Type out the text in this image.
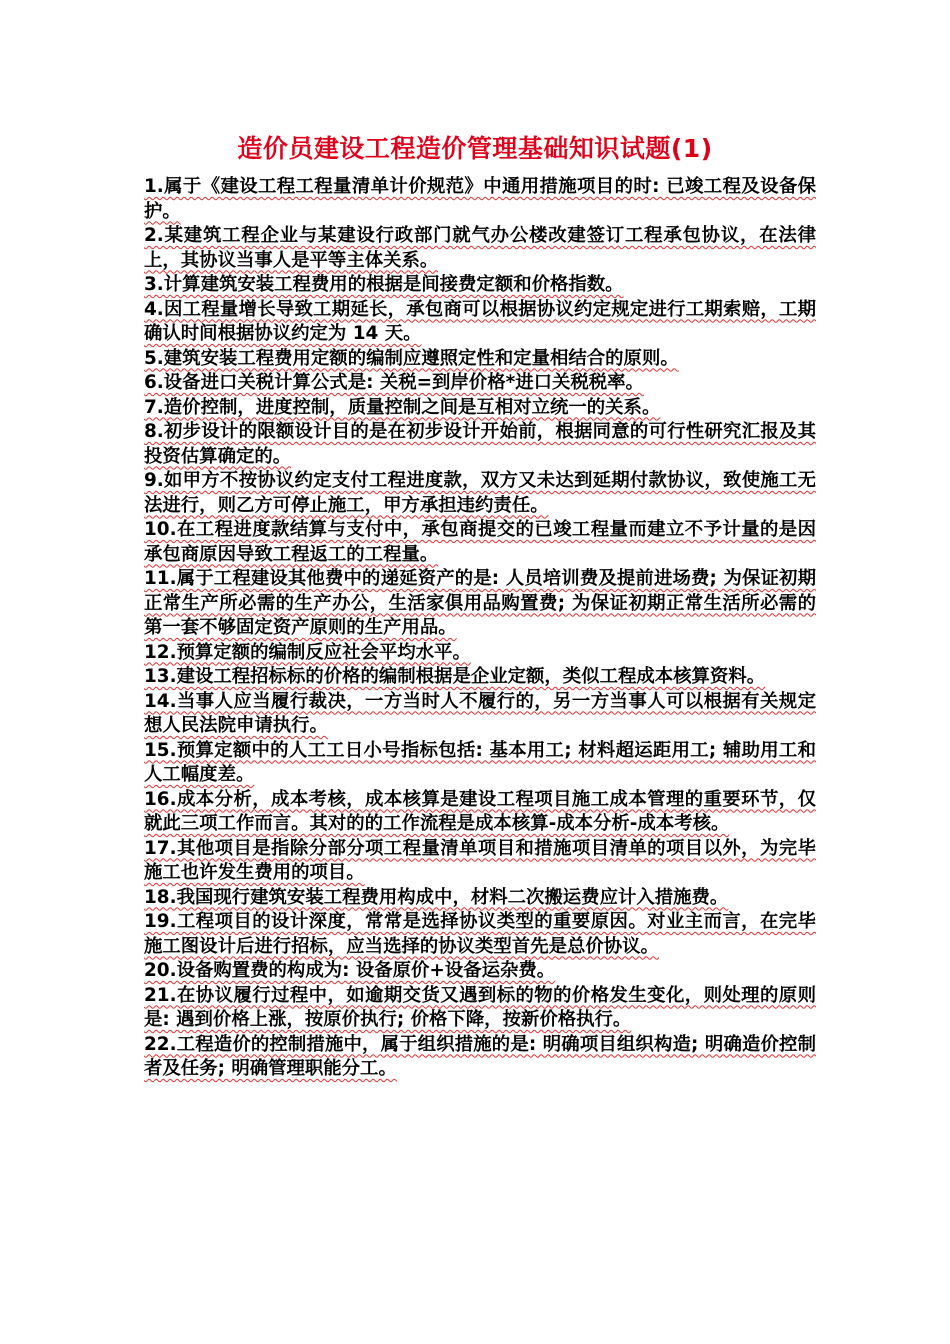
造价员建设工程造价管理基础知识试题(1)

1.属于《建设工程工程量清单计价规范》中通用措施项目的时: 已竣工程及设备保护。

2.某建筑工程企业与某建设行政部门就气办公楼改建签订工程承包协议，在法律上，其协议当事人是平等主体关系。

3.计算建筑安装工程费用的根据是间接费定额和价格指数。

4.因工程量增长导致工期延长，承包商可以根据协议约定规定进行工期索赔，工期确认时间根据协议约定为 14 天。

5.建筑安装工程费用定额的编制应遵照定性和定量相结合的原则。

6.设备进口关税计算公式是: 关税=到岸价格*进口关税税率。

7.造价控制，进度控制，质量控制之间是互相对立统一的关系。

8.初步设计的限额设计目的是在初步设计开始前，根据同意的可行性研究汇报及其投资估算确定的。

9.如甲方不按协议约定支付工程进度款，双方又未达到延期付款协议，致使施工无法进行，则乙方可停止施工，甲方承担违约责任。

10.在工程进度款结算与支付中，承包商提交的已竣工程量而建立不予计量的是因承包商原因导致工程返工的工程量。

11.属于工程建设其他费中的递延资产的是: 人员培训费及提前进场费; 为保证初期正常生产所必需的生产办公，生活家俱用品购置费; 为保证初期正常生活所必需的第一套不够固定资产原则的生产用品。

12.预算定额的编制反应社会平均水平。

13.建设工程招标标的价格的编制根据是企业定额，类似工程成本核算资料。

14.当事人应当履行裁决，一方当时人不履行的，另一方当事人可以根据有关规定想人民法院申请执行。

15.预算定额中的人工工日小号指标包括: 基本用工; 材料超运距用工; 辅助用工和人工幅度差。

16.成本分析，成本考核，成本核算是建设工程项目施工成本管理的重要环节，仅就此三项工作而言。其对的的工作流程是成本核算-成本分析-成本考核。

17.其他项目是指除分部分项工程量清单项目和措施项目清单的项目以外，为完毕施工也许发生费用的项目。

18.我国现行建筑安装工程费用构成中，材料二次搬运费应计入措施费。

19.工程项目的设计深度，常常是选择协议类型的重要原因。对业主而言，在完毕施工图设计后进行招标，应当选择的协议类型首先是总价协议。

20.设备购置费的构成为: 设备原价+设备运杂费。

21.在协议履行过程中，如逾期交货又遇到标的物的价格发生变化，则处理的原则是: 遇到价格上涨，按原价执行; 价格下降，按新价格执行。

22.工程造价的控制措施中，属于组织措施的是: 明确项目组织构造; 明确造价控制者及任务; 明确管理职能分工。
